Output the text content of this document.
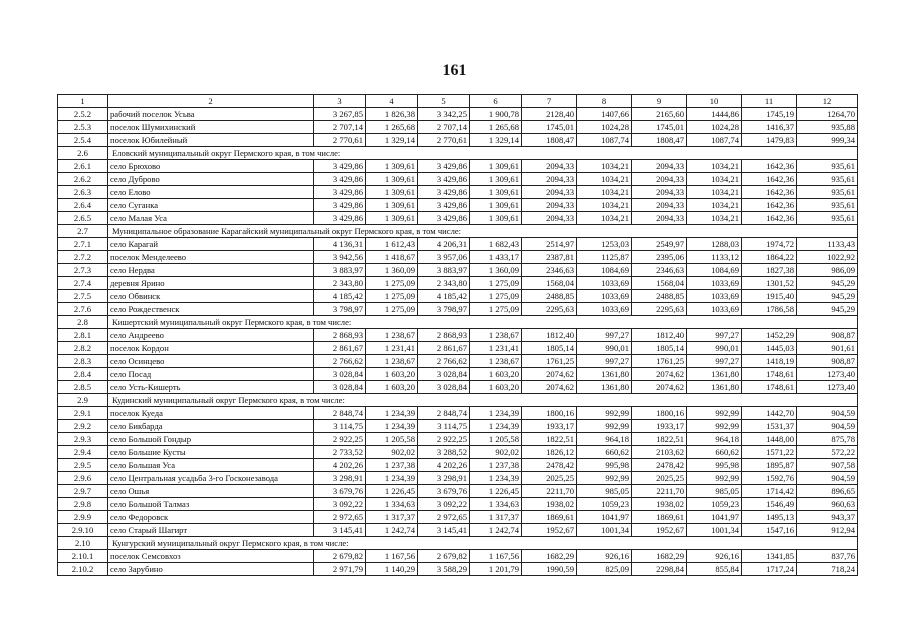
161
1	2	3	4	5	6	7	8	9	10	11	12
2.5.2	рабочий поселок Усьва	3 267,85	1 826,38	3 342,25	1 900,78	2128,40	1407,66	2165,60	1444,86	1745,19	1264,70
2.5.3	поселок Шумихинский	2 707,14	1 265,68	2 707,14	1 265,68	1745,01	1024,28	1745,01	1024,28	1416,37	935,88
2.5.4	поселок Юбилейный	2 770,61	1 329,14	2 770,61	1 329,14	1808,47	1087,74	1808,47	1087,74	1479,83	999,34
2.6	Еловский муниципальный округ Пермского края, в том числе:										
2.6.1	село Брюхово	3 429,86	1 309,61	3 429,86	1 309,61	2094,33	1034,21	2094,33	1034,21	1642,36	935,61
2.6.2	село Дуброво	3 429,86	1 309,61	3 429,86	1 309,61	2094,33	1034,21	2094,33	1034,21	1642,36	935,61
2.6.3	село Елово	3 429,86	1 309,61	3 429,86	1 309,61	2094,33	1034,21	2094,33	1034,21	1642,36	935,61
2.6.4	село Суганка	3 429,86	1 309,61	3 429,86	1 309,61	2094,33	1034,21	2094,33	1034,21	1642,36	935,61
2.6.5	село Малая Уса	3 429,86	1 309,61	3 429,86	1 309,61	2094,33	1034,21	2094,33	1034,21	1642,36	935,61
2.7	Муниципальное образование Карагайский муниципальный округ Пермского края, в том числе:										
2.7.1	село Карагай	4 136,31	1 612,43	4 206,31	1 682,43	2514,97	1253,03	2549,97	1288,03	1974,72	1133,43
2.7.2	поселок Менделеево	3 942,56	1 418,67	3 957,06	1 433,17	2387,81	1125,87	2395,06	1133,12	1864,22	1022,92
2.7.3	село Нердва	3 883,97	1 360,09	3 883,97	1 360,09	2346,63	1084,69	2346,63	1084,69	1827,38	986,09
2.7.4	деревня Ярино	2 343,80	1 275,09	2 343,80	1 275,09	1568,04	1033,69	1568,04	1033,69	1301,52	945,29
2.7.5	село Обвинск	4 185,42	1 275,09	4 185,42	1 275,09	2488,85	1033,69	2488,85	1033,69	1915,40	945,29
2.7.6	село Рождественск	3 798,97	1 275,09	3 798,97	1 275,09	2295,63	1033,69	2295,63	1033,69	1786,58	945,29
2.8	Кишертский муниципальный округ Пермского края, в том числе:										
2.8.1	село Андреево	2 868,93	1 238,67	2 868,93	1 238,67	1812,40	997,27	1812,40	997,27	1452,29	908,87
2.8.2	поселок Кордон	2 861,67	1 231,41	2 861,67	1 231,41	1805,14	990,01	1805,14	990,01	1445,03	901,61
2.8.3	село Осинцево	2 766,62	1 238,67	2 766,62	1 238,67	1761,25	997,27	1761,25	997,27	1418,19	908,87
2.8.4	село Посад	3 028,84	1 603,20	3 028,84	1 603,20	2074,62	1361,80	2074,62	1361,80	1748,61	1273,40
2.8.5	село Усть-Кишерть	3 028,84	1 603,20	3 028,84	1 603,20	2074,62	1361,80	2074,62	1361,80	1748,61	1273,40
2.9	Кудинский муниципальный округ Пермского края, в том числе:										
2.9.1	поселок Куеда	2 848,74	1 234,39	2 848,74	1 234,39	1800,16	992,99	1800,16	992,99	1442,70	904,59
2.9.2	село Бикбарда	3 114,75	1 234,39	3 114,75	1 234,39	1933,17	992,99	1933,17	992,99	1531,37	904,59
2.9.3	село Большой Гондыр	2 922,25	1 205,58	2 922,25	1 205,58	1822,51	964,18	1822,51	964,18	1448,00	875,78
2.9.4	село Большие Кусты	2 733,52	902,02	3 288,52	902,02	1826,12	660,62	2103,62	660,62	1571,22	572,22
2.9.5	село Большая Уса	4 202,26	1 237,38	4 202,26	1 237,38	2478,42	995,98	2478,42	995,98	1895,87	907,58
2.9.6	село Центральная усадьба 3-го Госконезавода	3 298,91	1 234,39	3 298,91	1 234,39	2025,25	992,99	2025,25	992,99	1592,76	904,59
2.9.7	село Ошья	3 679,76	1 226,45	3 679,76	1 226,45	2211,70	985,05	2211,70	985,05	1714,42	896,65
2.9.8	село Большой Талмаз	3 092,22	1 334,63	3 092,22	1 334,63	1938,02	1059,23	1938,02	1059,23	1546,49	960,63
2.9.9	село Федоровск	2 972,65	1 317,37	2 972,65	1 317,37	1869,61	1041,97	1869,61	1041,97	1495,13	943,37
2.9.10	село Старый Шагирт	3 145,41	1 242,74	3 145,41	1 242,74	1952,67	1001,34	1952,67	1001,34	1547,16	912,94
2.10	Кунгурский муниципальный округ Пермского края, в том числе:										
2.10.1	поселок Семсовхоз	2 679,82	1 167,56	2 679,82	1 167,56	1682,29	926,16	1682,29	926,16	1341,85	837,76
2.10.2	село Зарубино	2 971,79	1 140,29	3 588,29	1 201,79	1990,59	825,09	2298,84	855,84	1717,24	718,24
